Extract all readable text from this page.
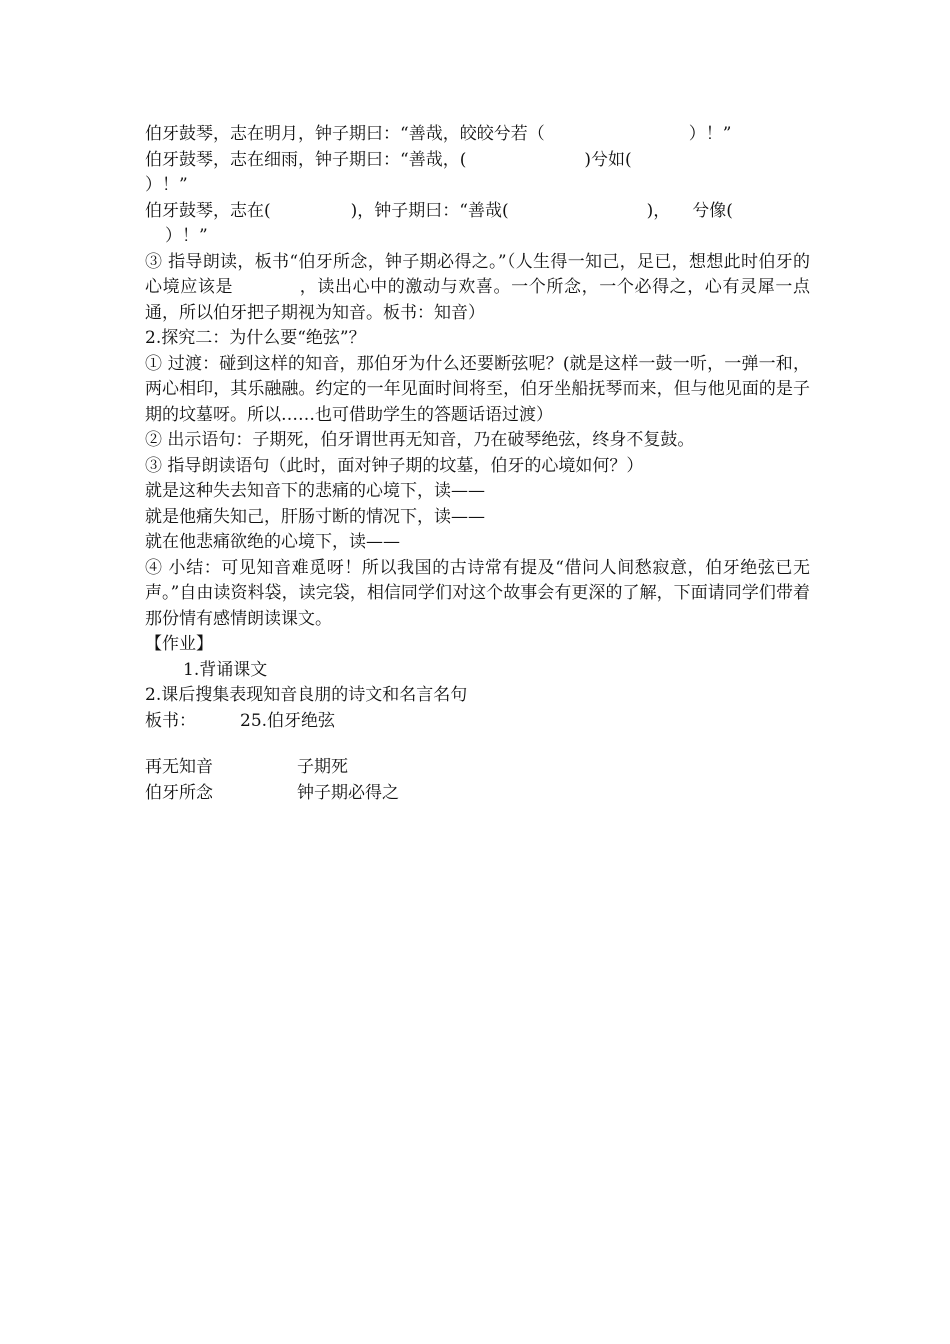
伯牙鼓琴，志在明月，钟子期曰：“善哉，皎皎兮若（	）！”
伯牙鼓琴，志在细雨，钟子期曰：“善哉，(	)兮如(
）！”
伯牙鼓琴，志在(	)，钟子期曰：“善哉(	)， 兮像(
）！”
③ 指导朗读，板书“伯牙所念，钟子期必得之。”（人生得一知己，足已，想想此时伯牙的心境应该是	，读出心中的激动与欢喜。一个所念，一个必得之，心有灵犀一点通，所以伯牙把子期视为知音。板书：知音）
2.探究二：为什么要“绝弦”？
① 过渡：碰到这样的知音，那伯牙为什么还要断弦呢？(就是这样一鼓一听，一弹一和，两心相印，其乐融融。约定的一年见面时间将至，伯牙坐船抚琴而来，但与他见面的是子期的坟墓呀。所以……也可借助学生的答题话语过渡）
② 出示语句：子期死，伯牙谓世再无知音，乃在破琴绝弦，终身不复鼓。
③ 指导朗读语句（此时，面对钟子期的坟墓，伯牙的心境如何？）
就是这种失去知音下的悲痛的心境下，读——
就是他痛失知己，肝肠寸断的情况下，读——
就在他悲痛欲绝的心境下，读——
④ 小结：可见知音难觅呀！所以我国的古诗常有提及“借问人间愁寂意，伯牙绝弦已无声。”自由读资料袋，读完袋，相信同学们对这个故事会有更深的了解，下面请同学们带着那份情有感情朗读课文。
【作业】
1.背诵课文
2.课后搜集表现知音良朋的诗文和名言名句
板书：	25.伯牙绝弦
再无知音	子期死
伯牙所念	钟子期必得之
